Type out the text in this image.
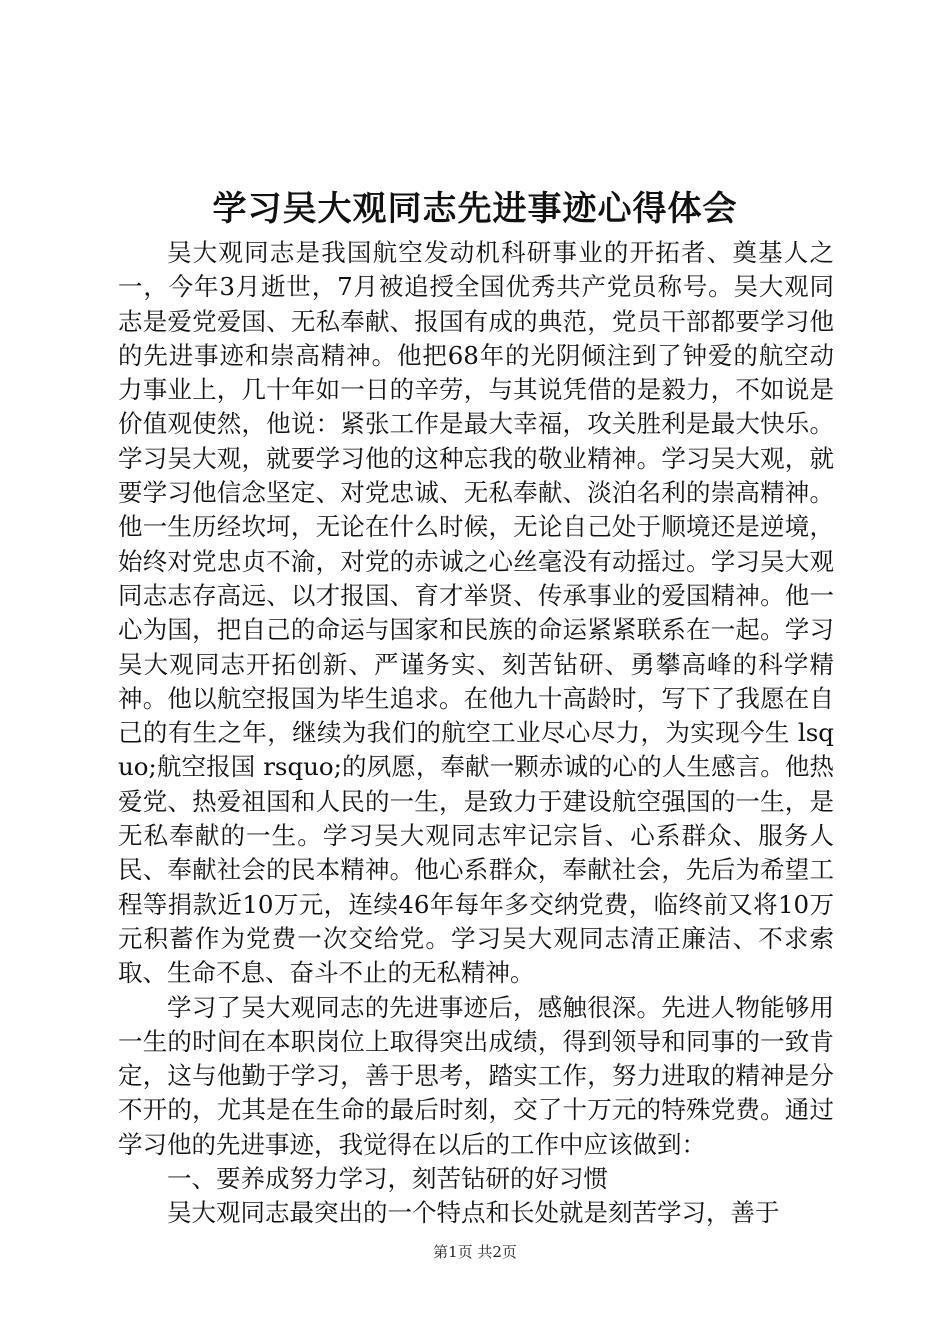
学习吴大观同志先进事迹心得体会

吴大观同志是我国航空发动机科研事业的开拓者、奠基人之一，今年3月逝世，7月被追授全国优秀共产党员称号。吴大观同志是爱党爱国、无私奉献、报国有成的典范，党员干部都要学习他的先进事迹和崇高精神。他把68年的光阴倾注到了钟爱的航空动力事业上，几十年如一日的辛劳，与其说凭借的是毅力，不如说是价值观使然，他说：紧张工作是最大幸福，攻关胜利是最大快乐。学习吴大观，就要学习他的这种忘我的敬业精神。学习吴大观，就要学习他信念坚定、对党忠诚、无私奉献、淡泊名利的崇高精神。他一生历经坎坷，无论在什么时候，无论自己处于顺境还是逆境，始终对党忠贞不渝，对党的赤诚之心丝毫没有动摇过。学习吴大观同志志存高远、以才报国、育才举贤、传承事业的爱国精神。他一心为国，把自己的命运与国家和民族的命运紧紧联系在一起。学习吴大观同志开拓创新、严谨务实、刻苦钻研、勇攀高峰的科学精神。他以航空报国为毕生追求。在他九十高龄时，写下了我愿在自己的有生之年，继续为我们的航空工业尽心尽力，为实现今生 lsquo;航空报国 rsquo;的夙愿，奉献一颗赤诚的心的人生感言。他热爱党、热爱祖国和人民的一生，是致力于建设航空强国的一生，是无私奉献的一生。学习吴大观同志牢记宗旨、心系群众、服务人民、奉献社会的民本精神。他心系群众，奉献社会，先后为希望工程等捐款近10万元，连续46年每年多交纳党费，临终前又将10万元积蓄作为党费一次交给党。学习吴大观同志清正廉洁、不求索取、生命不息、奋斗不止的无私精神。

学习了吴大观同志的先进事迹后，感触很深。先进人物能够用一生的时间在本职岗位上取得突出成绩，得到领导和同事的一致肯定，这与他勤于学习，善于思考，踏实工作，努力进取的精神是分不开的，尤其是在生命的最后时刻，交了十万元的特殊党费。通过学习他的先进事迹，我觉得在以后的工作中应该做到：

一、要养成努力学习，刻苦钻研的好习惯

吴大观同志最突出的一个特点和长处就是刻苦学习，善于

第1页 共2页
